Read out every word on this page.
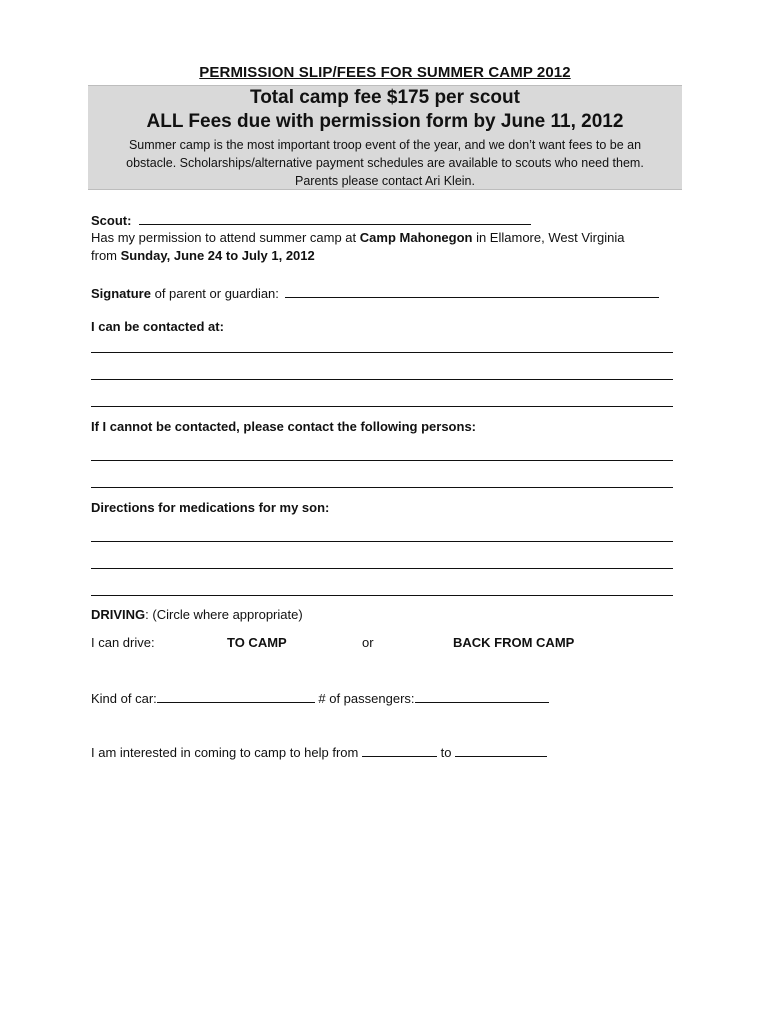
PERMISSION SLIP/FEES FOR SUMMER CAMP 2012
Total camp fee $175 per scout
ALL Fees due with permission form by June 11, 2012
Summer camp is the most important troop event of the year, and we don’t want fees to be an
obstacle. Scholarships/alternative payment schedules are available to scouts who need them.
Parents please contact Ari Klein.
Scout:
Has my permission to attend summer camp at Camp Mahonegon in Ellamore, West Virginia
from Sunday, June 24 to July 1, 2012
Signature of parent or guardian:
I can be contacted at:
If I cannot be contacted, please contact the following persons:
Directions for medications for my son:
DRIVING: (Circle where appropriate)
I can drive:	TO CAMP	or	BACK FROM CAMP
Kind of car:	# of passengers:
I am interested in coming to camp to help from	to
